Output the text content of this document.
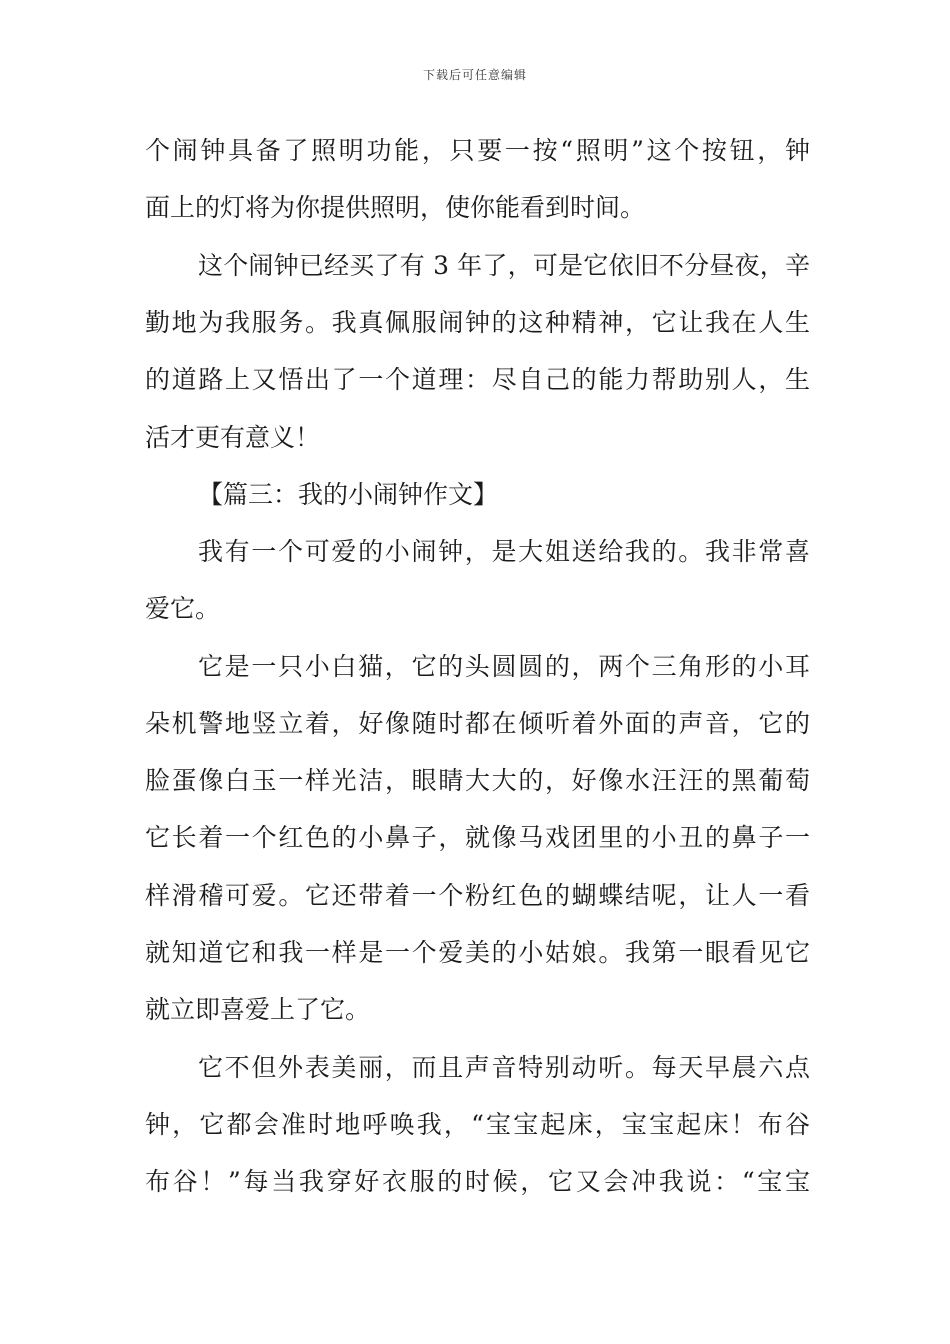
下载后可任意编辑
个闹钟具备了照明功能，只要一按“照明”这个按钮，钟
面上的灯将为你提供照明，使你能看到时间。
这个闹钟已经买了有 3 年了，可是它依旧不分昼夜，辛
勤地为我服务。我真佩服闹钟的这种精神，它让我在人生
的道路上又悟出了一个道理：尽自己的能力帮助别人，生
活才更有意义！
【篇三：我的小闹钟作文】
我有一个可爱的小闹钟，是大姐送给我的。我非常喜
爱它。
它是一只小白猫，它的头圆圆的，两个三角形的小耳
朵机警地竖立着，好像随时都在倾听着外面的声音，它的
脸蛋像白玉一样光洁，眼睛大大的，好像水汪汪的黑葡萄
它长着一个红色的小鼻子，就像马戏团里的小丑的鼻子一
样滑稽可爱。它还带着一个粉红色的蝴蝶结呢，让人一看
就知道它和我一样是一个爱美的小姑娘。我第一眼看见它
就立即喜爱上了它。
它不但外表美丽，而且声音特别动听。每天早晨六点
钟，它都会准时地呼唤我，“宝宝起床，宝宝起床！布谷
布谷！”每当我穿好衣服的时候，它又会冲我说：“宝宝
